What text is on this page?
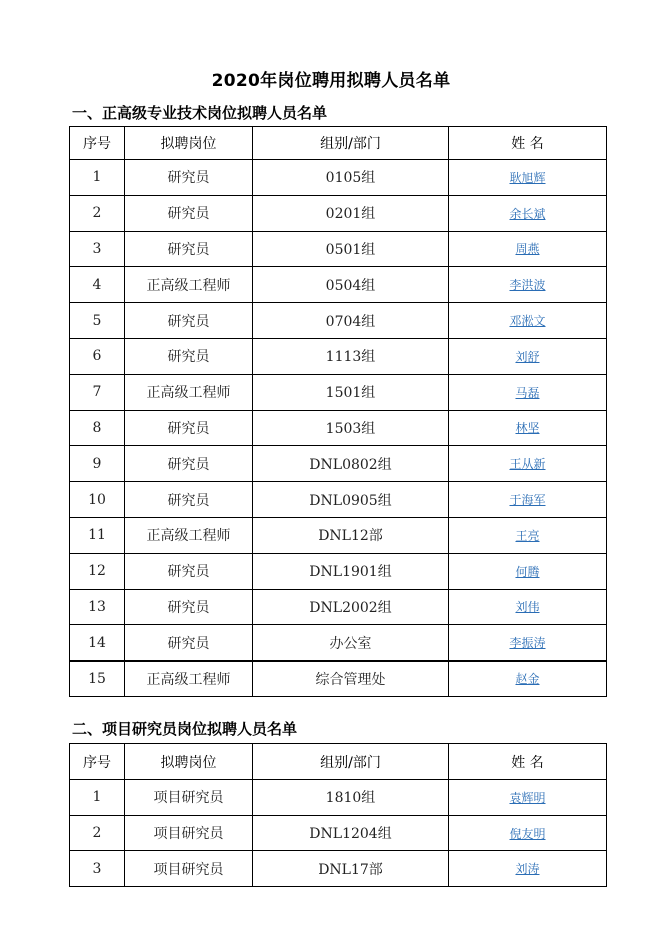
2020年岗位聘用拟聘人员名单
一、正高级专业技术岗位拟聘人员名单
序号	拟聘岗位	组别/部门	姓 名
1	研究员	0105组	耿旭辉
2	研究员	0201组	余长斌
3	研究员	0501组	周燕
4	正高级工程师	0504组	李洪波
5	研究员	0704组	邓淞文
6	研究员	1113组	刘舒
7	正高级工程师	1501组	马磊
8	研究员	1503组	林坚
9	研究员	DNL0802组	王从新
10	研究员	DNL0905组	于海军
11	正高级工程师	DNL12部	王亮
12	研究员	DNL1901组	何腾
13	研究员	DNL2002组	刘伟
14	研究员	办公室	李振涛
15	正高级工程师	综合管理处	赵金
二、项目研究员岗位拟聘人员名单
序号	拟聘岗位	组别/部门	姓 名
1	项目研究员	1810组	袁辉明
2	项目研究员	DNL1204组	倪友明
3	项目研究员	DNL17部	刘涛
